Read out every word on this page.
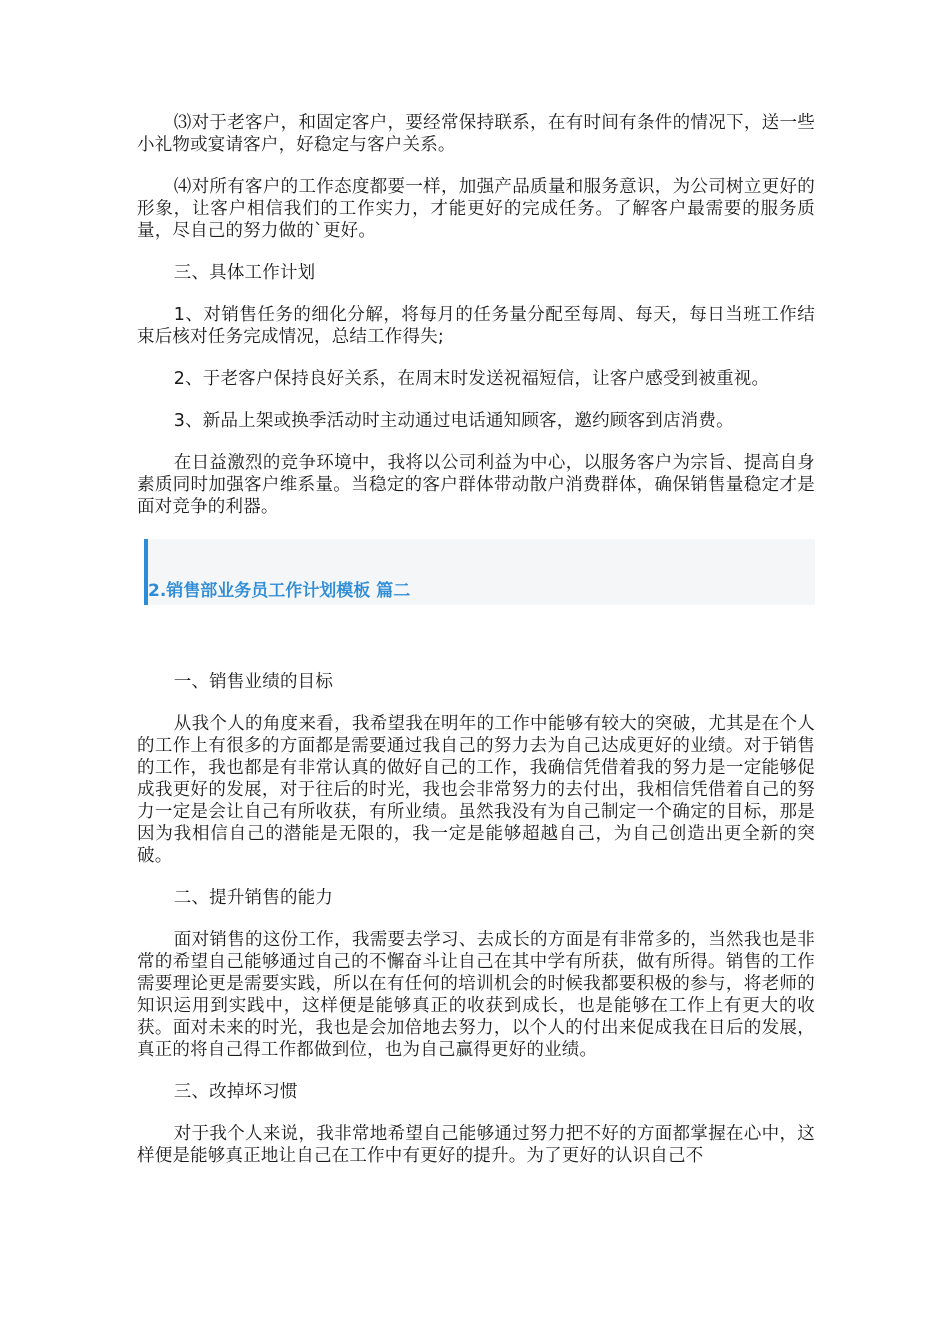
⑶对于老客户，和固定客户，要经常保持联系，在有时间有条件的情况下，送一些小礼物或宴请客户，好稳定与客户关系。

⑷对所有客户的工作态度都要一样，加强产品质量和服务意识，为公司树立更好的形象，让客户相信我们的工作实力，才能更好的完成任务。了解客户最需要的服务质量，尽自己的努力做的`更好。

三、具体工作计划

1、对销售任务的细化分解，将每月的任务量分配至每周、每天，每日当班工作结束后核对任务完成情况，总结工作得失;

2、于老客户保持良好关系，在周末时发送祝福短信，让客户感受到被重视。

3、新品上架或换季活动时主动通过电话通知顾客，邀约顾客到店消费。

在日益激烈的竞争环境中，我将以公司利益为中心，以服务客户为宗旨、提高自身素质同时加强客户维系量。当稳定的客户群体带动散户消费群体，确保销售量稳定才是面对竞争的利器。

2.销售部业务员工作计划模板 篇二

一、销售业绩的目标

从我个人的角度来看，我希望我在明年的工作中能够有较大的突破，尤其是在个人的工作上有很多的方面都是需要通过我自己的努力去为自己达成更好的业绩。对于销售的工作，我也都是有非常认真的做好自己的工作，我确信凭借着我的努力是一定能够促成我更好的发展，对于往后的时光，我也会非常努力的去付出，我相信凭借着自己的努力一定是会让自己有所收获，有所业绩。虽然我没有为自己制定一个确定的目标，那是因为我相信自己的潜能是无限的，我一定是能够超越自己，为自己创造出更全新的突破。

二、提升销售的能力

面对销售的这份工作，我需要去学习、去成长的方面是有非常多的，当然我也是非常的希望自己能够通过自己的不懈奋斗让自己在其中学有所获，做有所得。销售的工作需要理论更是需要实践，所以在有任何的培训机会的时候我都要积极的参与，将老师的知识运用到实践中，这样便是能够真正的收获到成长，也是能够在工作上有更大的收获。面对未来的时光，我也是会加倍地去努力，以个人的付出来促成我在日后的发展，真正的将自己得工作都做到位，也为自己赢得更好的业绩。

三、改掉坏习惯

对于我个人来说，我非常地希望自己能够通过努力把不好的方面都掌握在心中，这样便是能够真正地让自己在工作中有更好的提升。为了更好的认识自己不
